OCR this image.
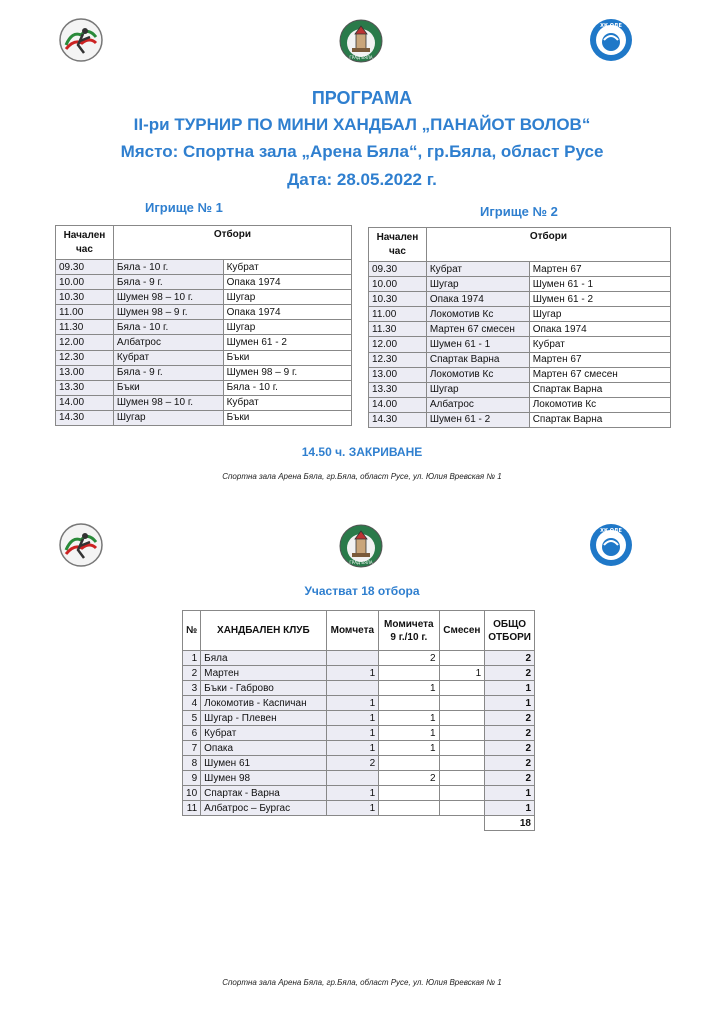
ГРАД БЯЛА
ХК ОДЕ
ПРОГРАМА
II-ри ТУРНИР ПО МИНИ ХАНДБАЛ „ПАНАЙОТ ВОЛОВ“
Място: Спортна зала „Арена Бяла“, гр.Бяла, област Русе
Дата: 28.05.2022 г.
Игрище № 1	Игрище № 2
Начален час	Отбори	
09.30	Бяла - 10 г.	Кубрат
10.00	Бяла - 9 г.	Опака 1974
10.30	Шумен 98 – 10 г.	Шугар
11.00	Шумен 98 – 9 г.	Опака 1974
11.30	Бяла - 10 г.	Шугар
12.00	Албатрос	Шумен 61 - 2
12.30	Кубрат	Бъки
13.00	Бяла - 9 г.	Шумен 98 – 9 г.
13.30	Бъки	Бяла - 10 г.
14.00	Шумен 98 – 10 г.	Кубрат
14.30	Шугар	Бъки
Начален час	Отбори	
09.30	Кубрат	Мартен 67
10.00	Шугар	Шумен 61 - 1
10.30	Опака 1974	Шумен 61 - 2
11.00	Локомотив Кс	Шугар
11.30	Мартен 67 смесен	Опака 1974
12.00	Шумен 61 - 1	Кубрат
12.30	Спартак Варна	Мартен 67
13.00	Локомотив Кс	Мартен 67 смесен
13.30	Шугар	Спартак Варна
14.00	Албатрос	Локомотив Кс
14.30	Шумен 61 - 2	Спартак Варна
14.50 ч. ЗАКРИВАНЕ
Спортна зала Арена Бяла, гр.Бяла, област Русе, ул. Юлия Вревская № 1
ГРАД БЯЛА
ХК ОДЕ
Участват 18 отбора
№	ХАНДБАЛЕН КЛУБ	Момчета	Момичета 9 г./10 г.	Смесен	ОБЩО ОТБОРИ
1	Бяла		2		2
2	Мартен	1		1	2
3	Бъки - Габрово		1		1
4	Локомотив - Каспичан	1			1
5	Шугар - Плевен	1	1		2
6	Кубрат	1	1		2
7	Опака	1	1		2
8	Шумен 61	2			2
9	Шумен 98		2		2
10	Спартак - Варна	1			1
11	Албатрос – Бургас	1			1
					18
Спортна зала Арена Бяла, гр.Бяла, област Русе, ул. Юлия Вревская № 1
